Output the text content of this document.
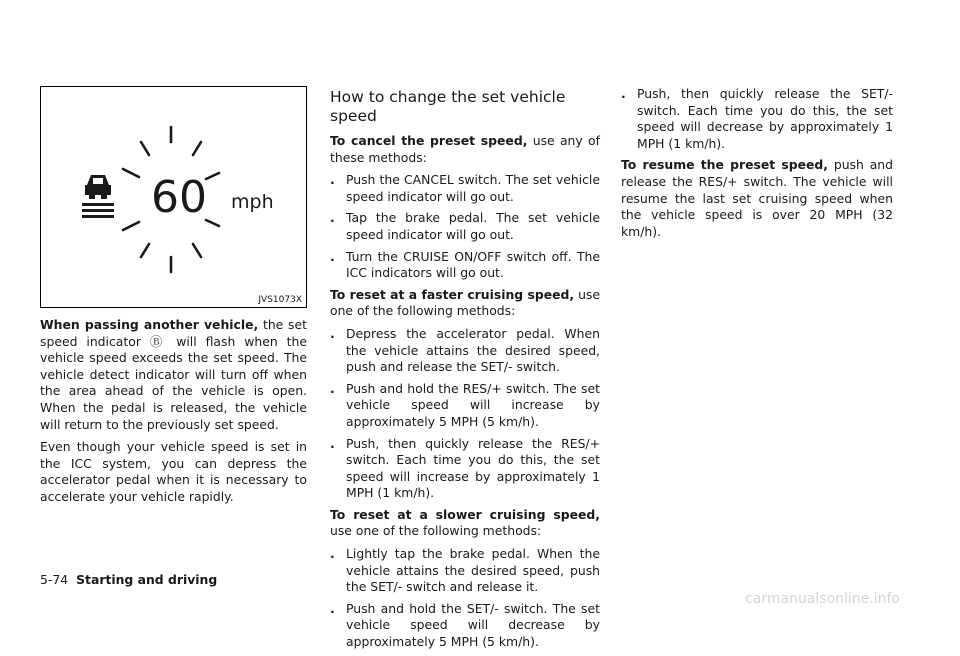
60 mph
JVS1073X

When passing another vehicle, the set speed indicator Ⓑ will flash when the vehicle speed exceeds the set speed. The vehicle detect indicator will turn off when the area ahead of the vehicle is open. When the pedal is released, the vehicle will return to the previously set speed.

Even though your vehicle speed is set in the ICC system, you can depress the accelerator pedal when it is necessary to accelerate your vehicle rapidly.

How to change the set vehicle speed

To cancel the preset speed, use any of these methods:

. Push the CANCEL switch. The set vehicle speed indicator will go out.
. Tap the brake pedal. The set vehicle speed indicator will go out.
. Turn the CRUISE ON/OFF switch off. The ICC indicators will go out.

To reset at a faster cruising speed, use one of the following methods:

. Depress the accelerator pedal. When the vehicle attains the desired speed, push and release the SET/- switch.
. Push and hold the RES/+ switch. The set vehicle speed will increase by approximately 5 MPH (5 km/h).
. Push, then quickly release the RES/+ switch. Each time you do this, the set speed will increase by approximately 1 MPH (1 km/h).

To reset at a slower cruising speed, use one of the following methods:

. Lightly tap the brake pedal. When the vehicle attains the desired speed, push the SET/- switch and release it.
. Push and hold the SET/- switch. The set vehicle speed will decrease by approximately 5 MPH (5 km/h).
. Push, then quickly release the SET/- switch. Each time you do this, the set speed will decrease by approximately 1 MPH (1 km/h).

To resume the preset speed, push and release the RES/+ switch. The vehicle will resume the last set cruising speed when the vehicle speed is over 20 MPH (32 km/h).

5-74 Starting and driving
carmanualsonline.info
